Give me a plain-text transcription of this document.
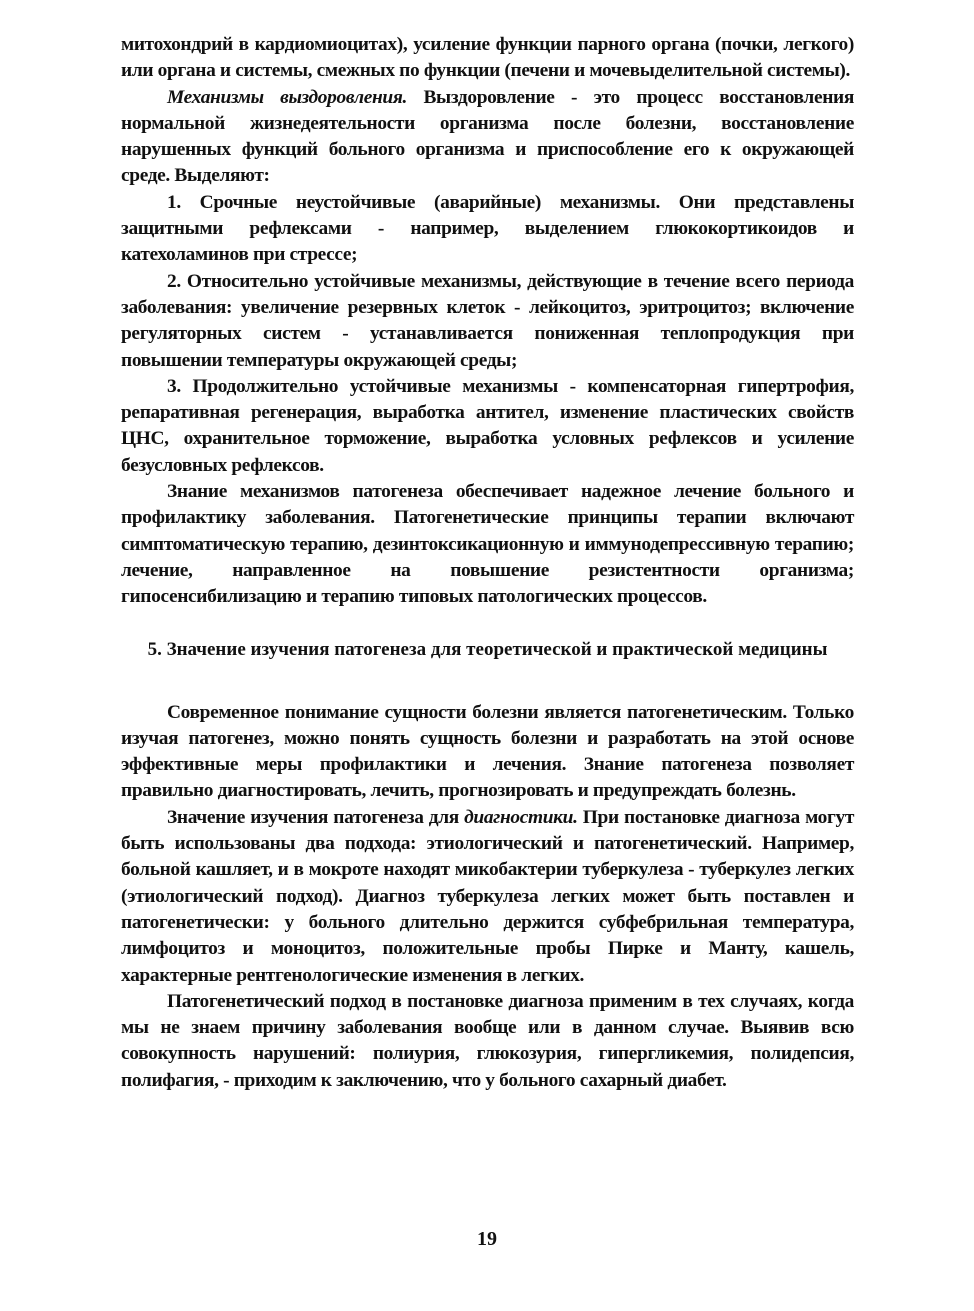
митохондрий в кардиомиоцитах), усиление функции парного органа (почки, легкого) или органа и системы, смежных по функции (печени и мочевыделительной системы).

Механизмы выздоровления. Выздоровление - это процесс восстановления нормальной жизнедеятельности организма после болезни, восстановление нарушенных функций больного организма и приспособление его к окружающей среде. Выделяют:

1. Срочные неустойчивые (аварийные) механизмы. Они представлены защитными рефлексами - например, выделением глюкокортикоидов и катехоламинов при стрессе;

2. Относительно устойчивые механизмы, действующие в течение всего периода заболевания: увеличение резервных клеток - лейкоцитоз, эритроцитоз; включение регуляторных систем - устанавливается пониженная теплопродукция при повышении температуры окружающей среды;

3. Продолжительно устойчивые механизмы - компенсаторная гипертрофия, репаративная регенерация, выработка антител, изменение пластических свойств ЦНС, охранительное торможение, выработка условных рефлексов и усиление безусловных рефлексов.

Знание механизмов патогенеза обеспечивает надежное лечение больного и профилактику заболевания. Патогенетические принципы терапии включают симптоматическую терапию, дезинтоксикационную и иммунодепрессивную терапию; лечение, направленное на повышение резистентности организма; гипосенсибилизацию и терапию типовых патологических процессов.

5. Значение изучения патогенеза для теоретической и практической медицины

Современное понимание сущности болезни является патогенетическим. Только изучая патогенез, можно понять сущность болезни и разработать на этой основе эффективные меры профилактики и лечения. Знание патогенеза позволяет правильно диагностировать, лечить, прогнозировать и предупреждать болезнь.

Значение изучения патогенеза для диагностики. При постановке диагноза могут быть использованы два подхода: этиологический и патогенетический. Например, больной кашляет, и в мокроте находят микобактерии туберкулеза - туберкулез легких (этиологический подход). Диагноз туберкулеза легких может быть поставлен и патогенетически: у больного длительно держится субфебрильная температура, лимфоцитоз и моноцитоз, положительные пробы Пирке и Манту, кашель, характерные рентгенологические изменения в легких.

Патогенетический подход в постановке диагноза применим в тех случаях, когда мы не знаем причину заболевания вообще или в данном случае. Выявив всю совокупность нарушений: полиурия, глюкозурия, гипергликемия, полидепсия, полифагия, - приходим к заключению, что у больного сахарный диабет.

19
